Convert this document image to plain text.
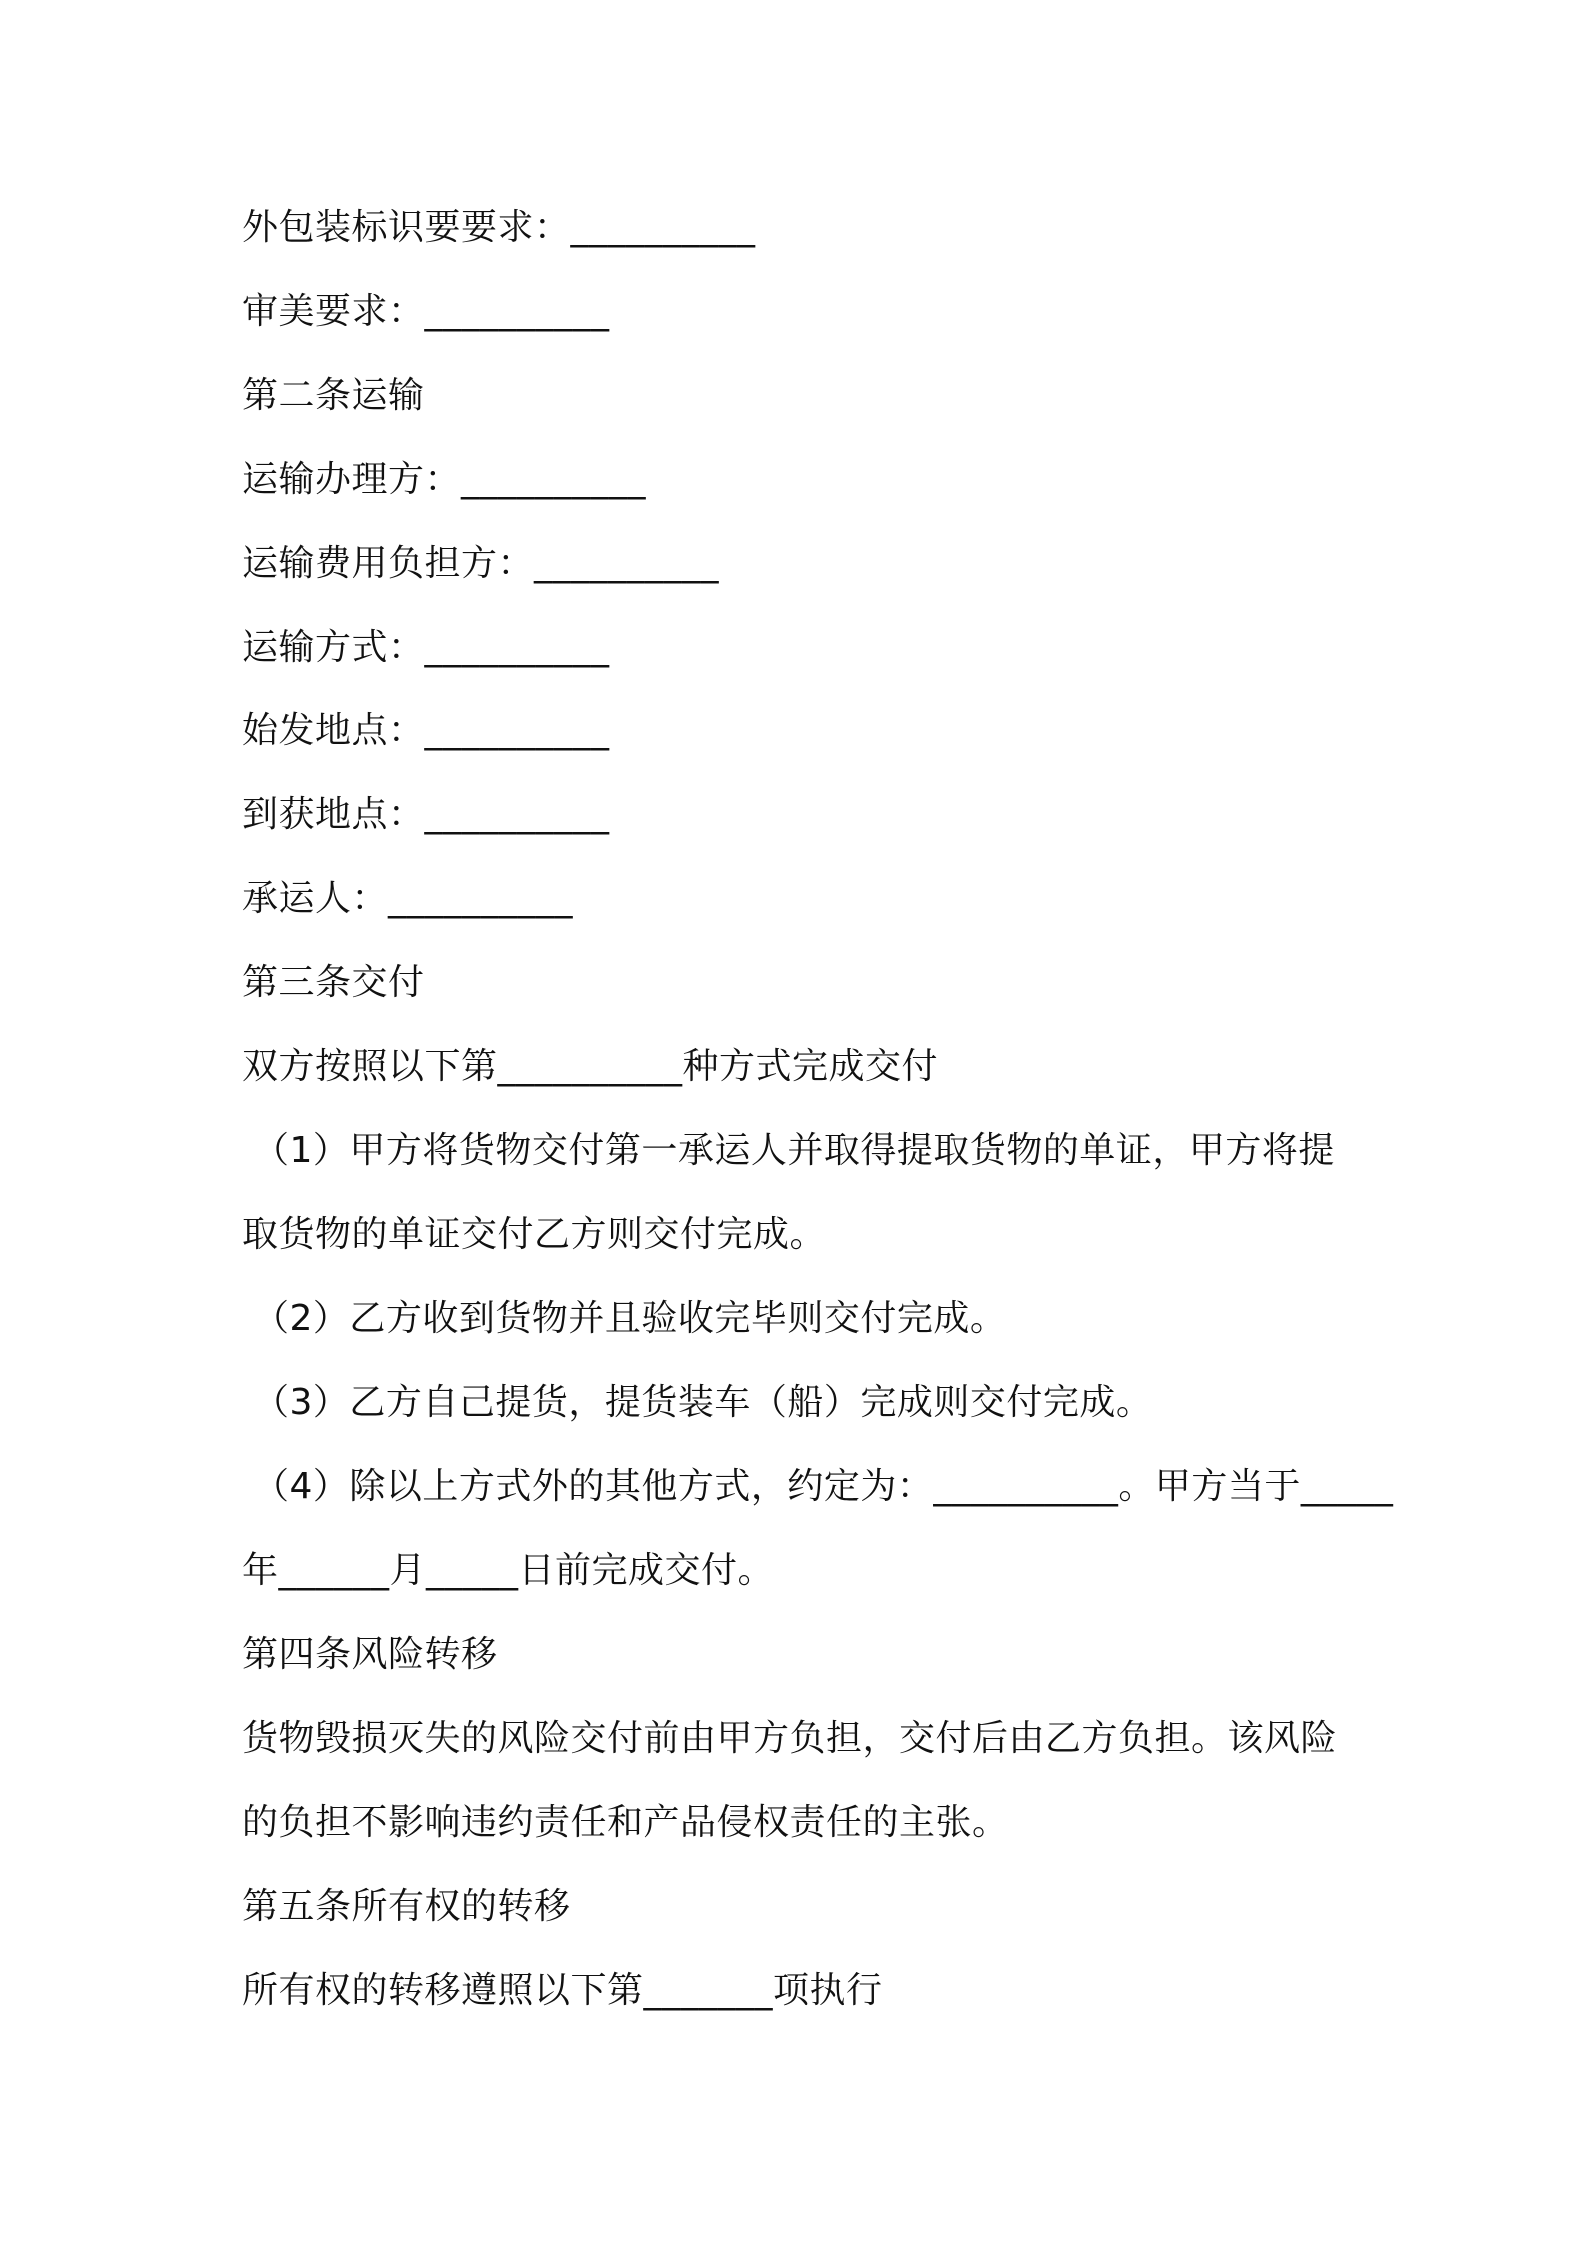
外包装标识要要求：__________
审美要求：__________
第二条运输
运输办理方：__________
运输费用负担方：__________
运输方式：__________
始发地点：__________
到获地点：__________
承运人：__________
第三条交付
双方按照以下第__________种方式完成交付
（1）甲方将货物交付第一承运人并取得提取货物的单证，甲方将提
取货物的单证交付乙方则交付完成。
（2）乙方收到货物并且验收完毕则交付完成。
（3）乙方自己提货，提货装车（船）完成则交付完成。
（4）除以上方式外的其他方式，约定为：__________。甲方当于_____
年______月_____日前完成交付。
第四条风险转移
货物毁损灭失的风险交付前由甲方负担，交付后由乙方负担。该风险
的负担不影响违约责任和产品侵权责任的主张。
第五条所有权的转移
所有权的转移遵照以下第_______项执行
